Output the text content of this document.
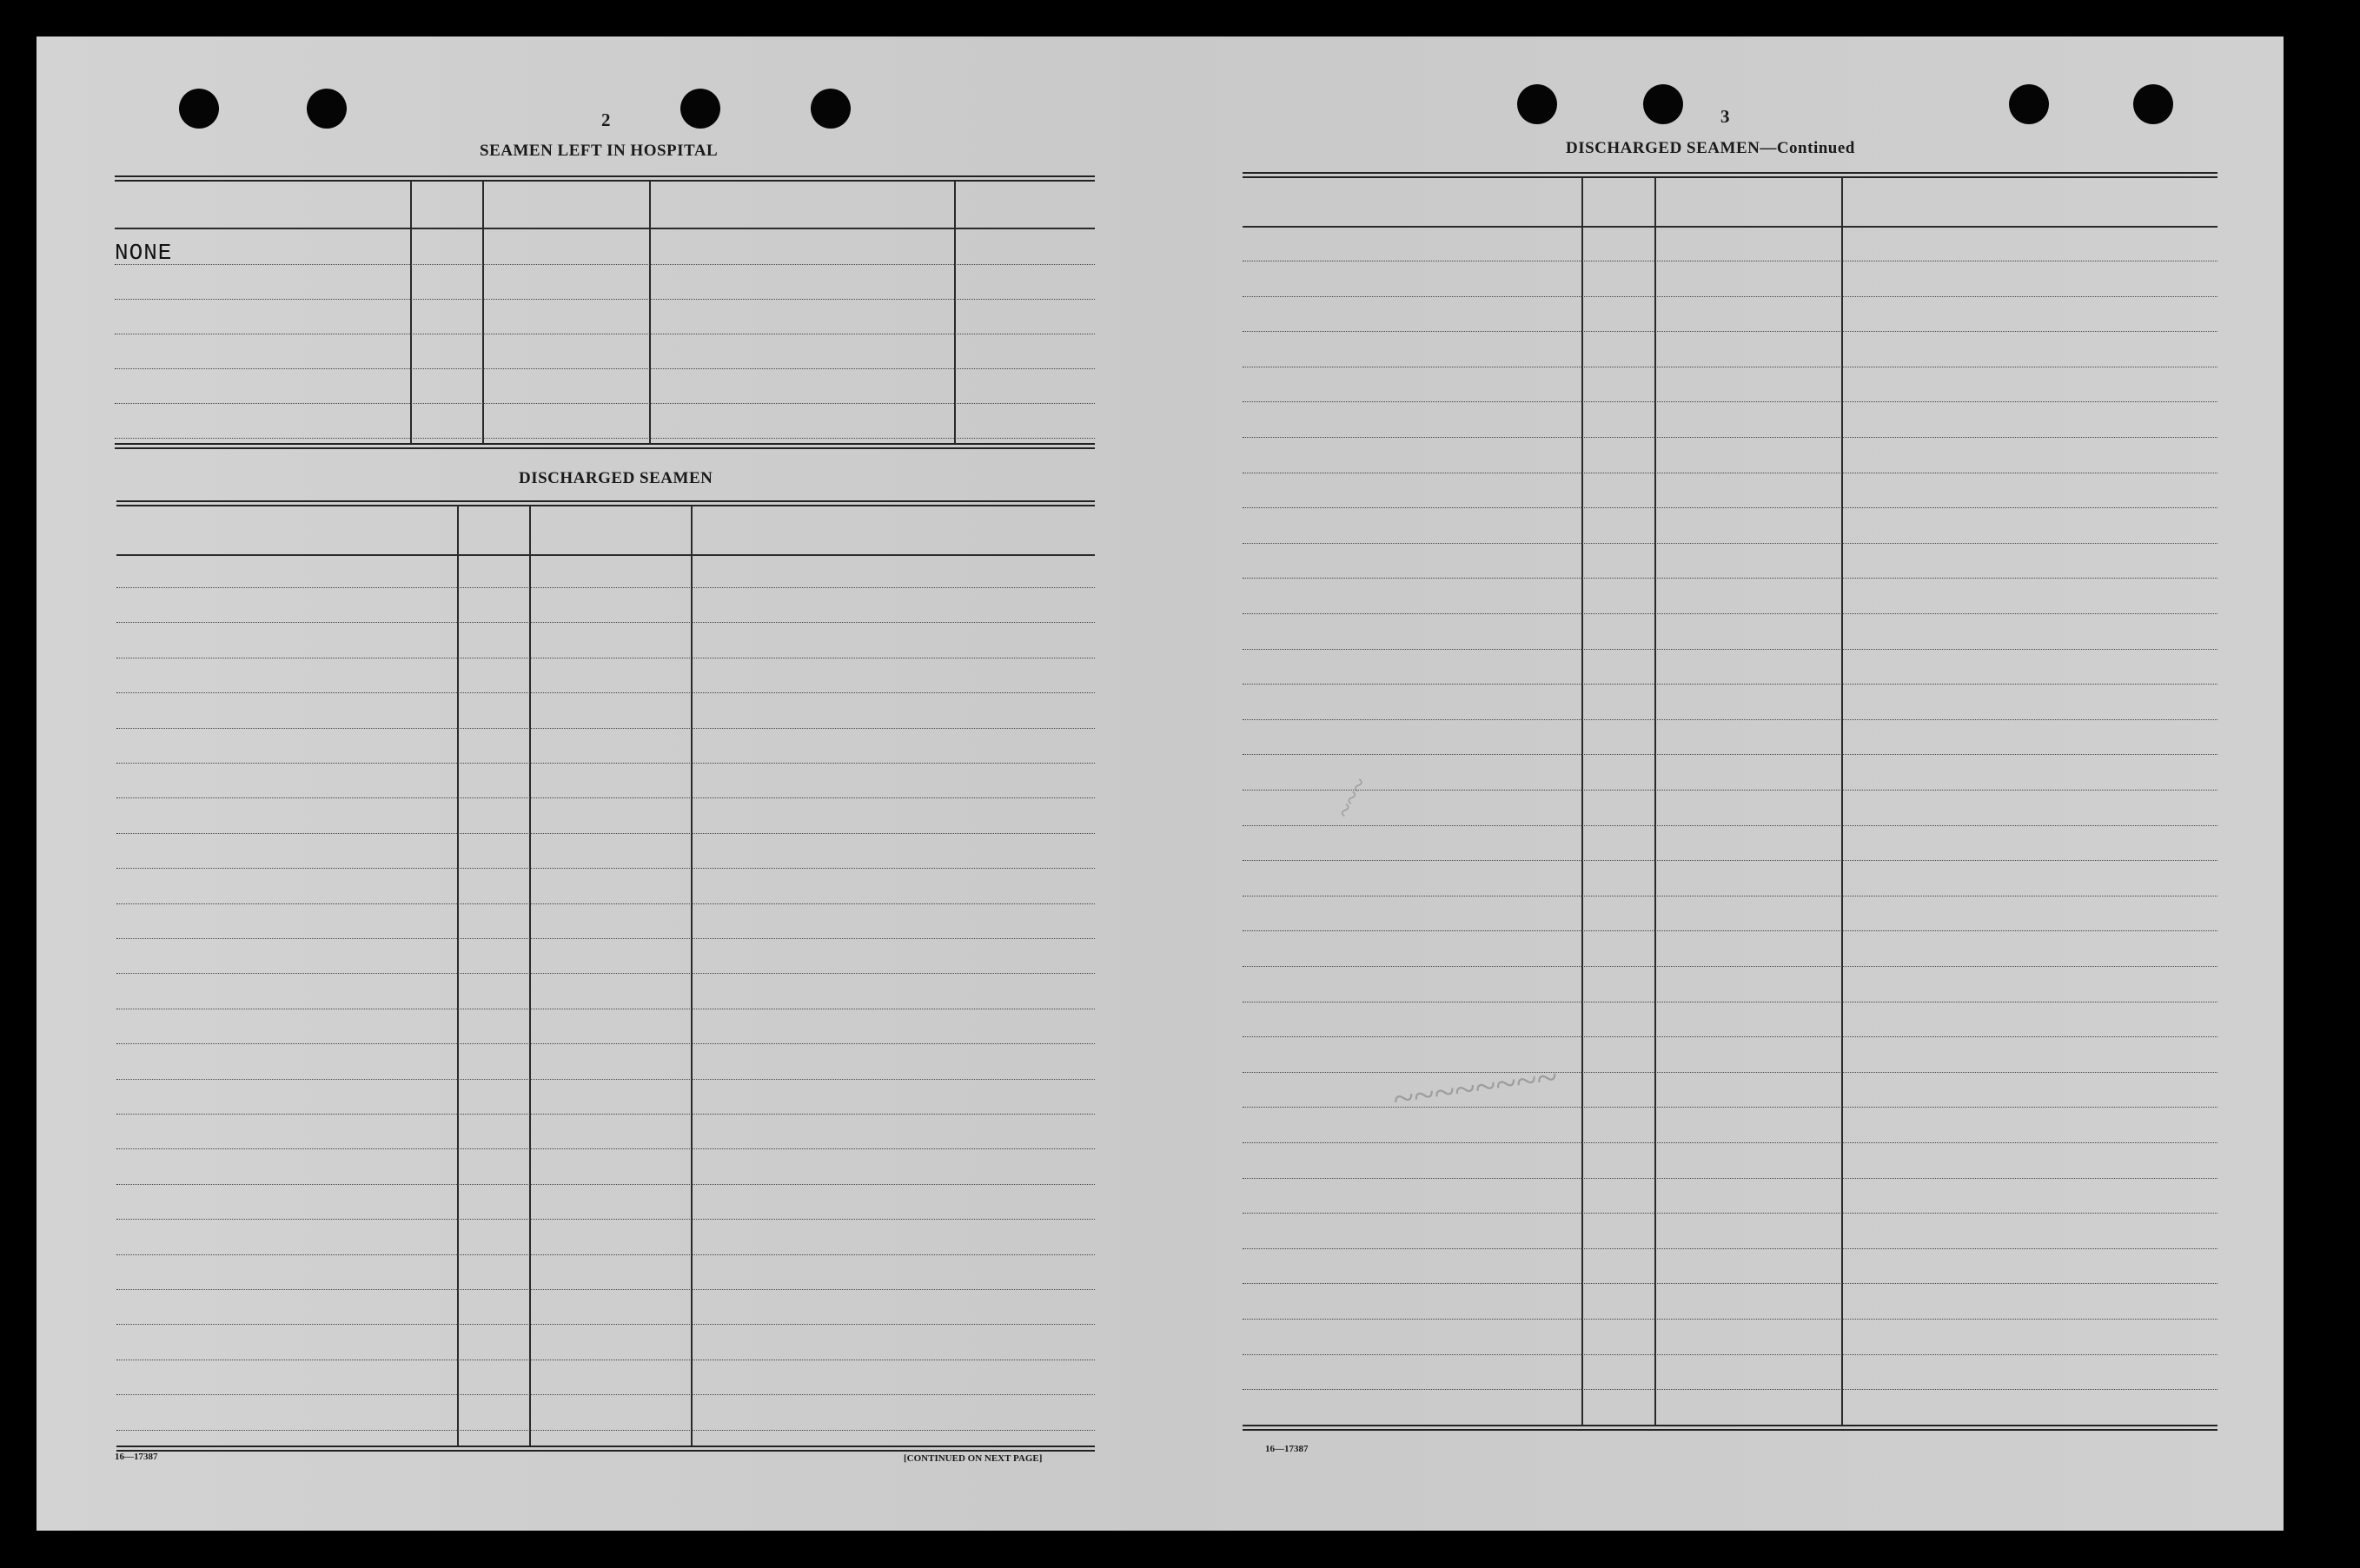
2
SEAMEN LEFT IN HOSPITAL
NONE
DISCHARGED SEAMEN
16—17387	[CONTINUED ON NEXT PAGE]
3
DISCHARGED SEAMEN—Continued
16—17387
~~~
~~~~~~~~
